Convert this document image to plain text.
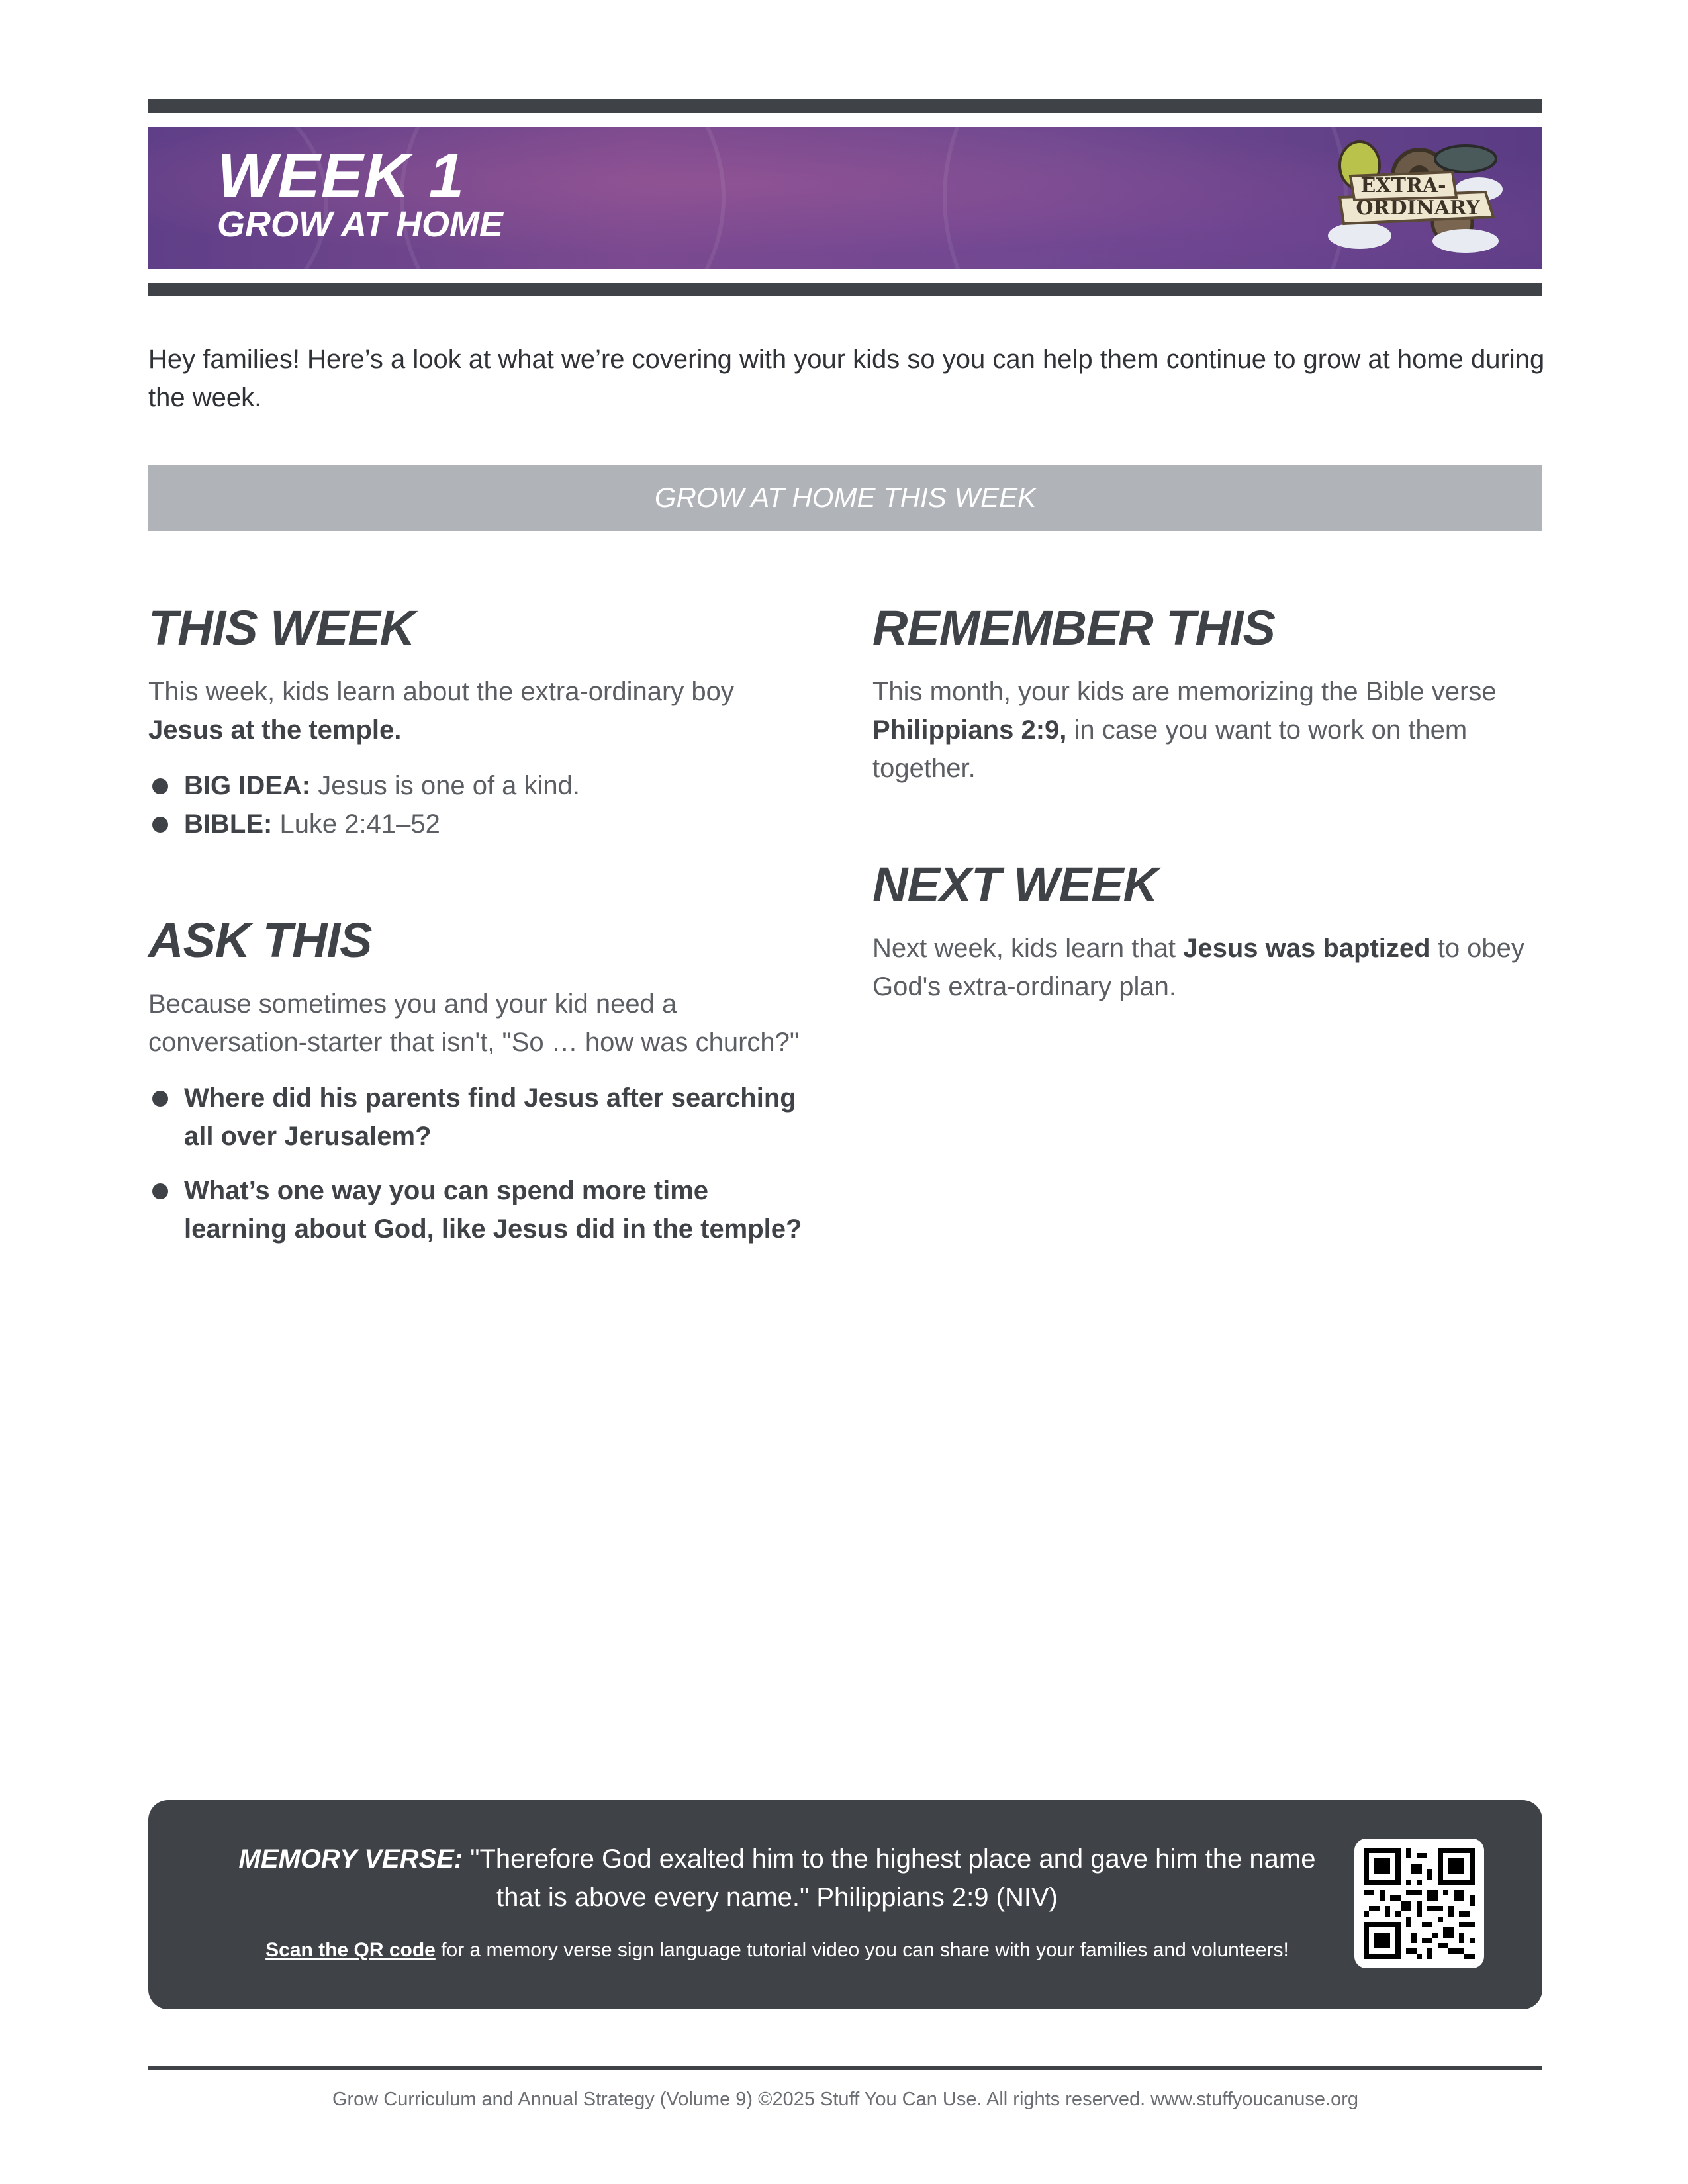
WEEK 1
GROW AT HOME
EXTRA-
ORDINARY
Hey families! Here’s a look at what we’re covering with your kids so you can help them continue to grow at home during the week.
GROW AT HOME THIS WEEK
THIS WEEK
This week, kids learn about the extra-ordinary boy
Jesus at the temple.
BIG IDEA: Jesus is one of a kind.
BIBLE: Luke 2:41–52
ASK THIS
Because sometimes you and your kid need a conversation-starter that isn't, "So … how was church?"
Where did his parents find Jesus after searching all over Jerusalem?
What’s one way you can spend more time learning about God, like Jesus did in the temple?
REMEMBER THIS
This month, your kids are memorizing the Bible verse
Philippians 2:9, in case you want to work on them together.
NEXT WEEK
Next week, kids learn that Jesus was baptized to obey God's extra-ordinary plan.
MEMORY VERSE: "Therefore God exalted him to the highest place and gave him the name that is above every name." Philippians 2:9 (NIV)
Scan the QR code for a memory verse sign language tutorial video you can share with your families and volunteers!
Grow Curriculum and Annual Strategy (Volume 9) ©2025 Stuff You Can Use. All rights reserved. www.stuffyoucanuse.org
